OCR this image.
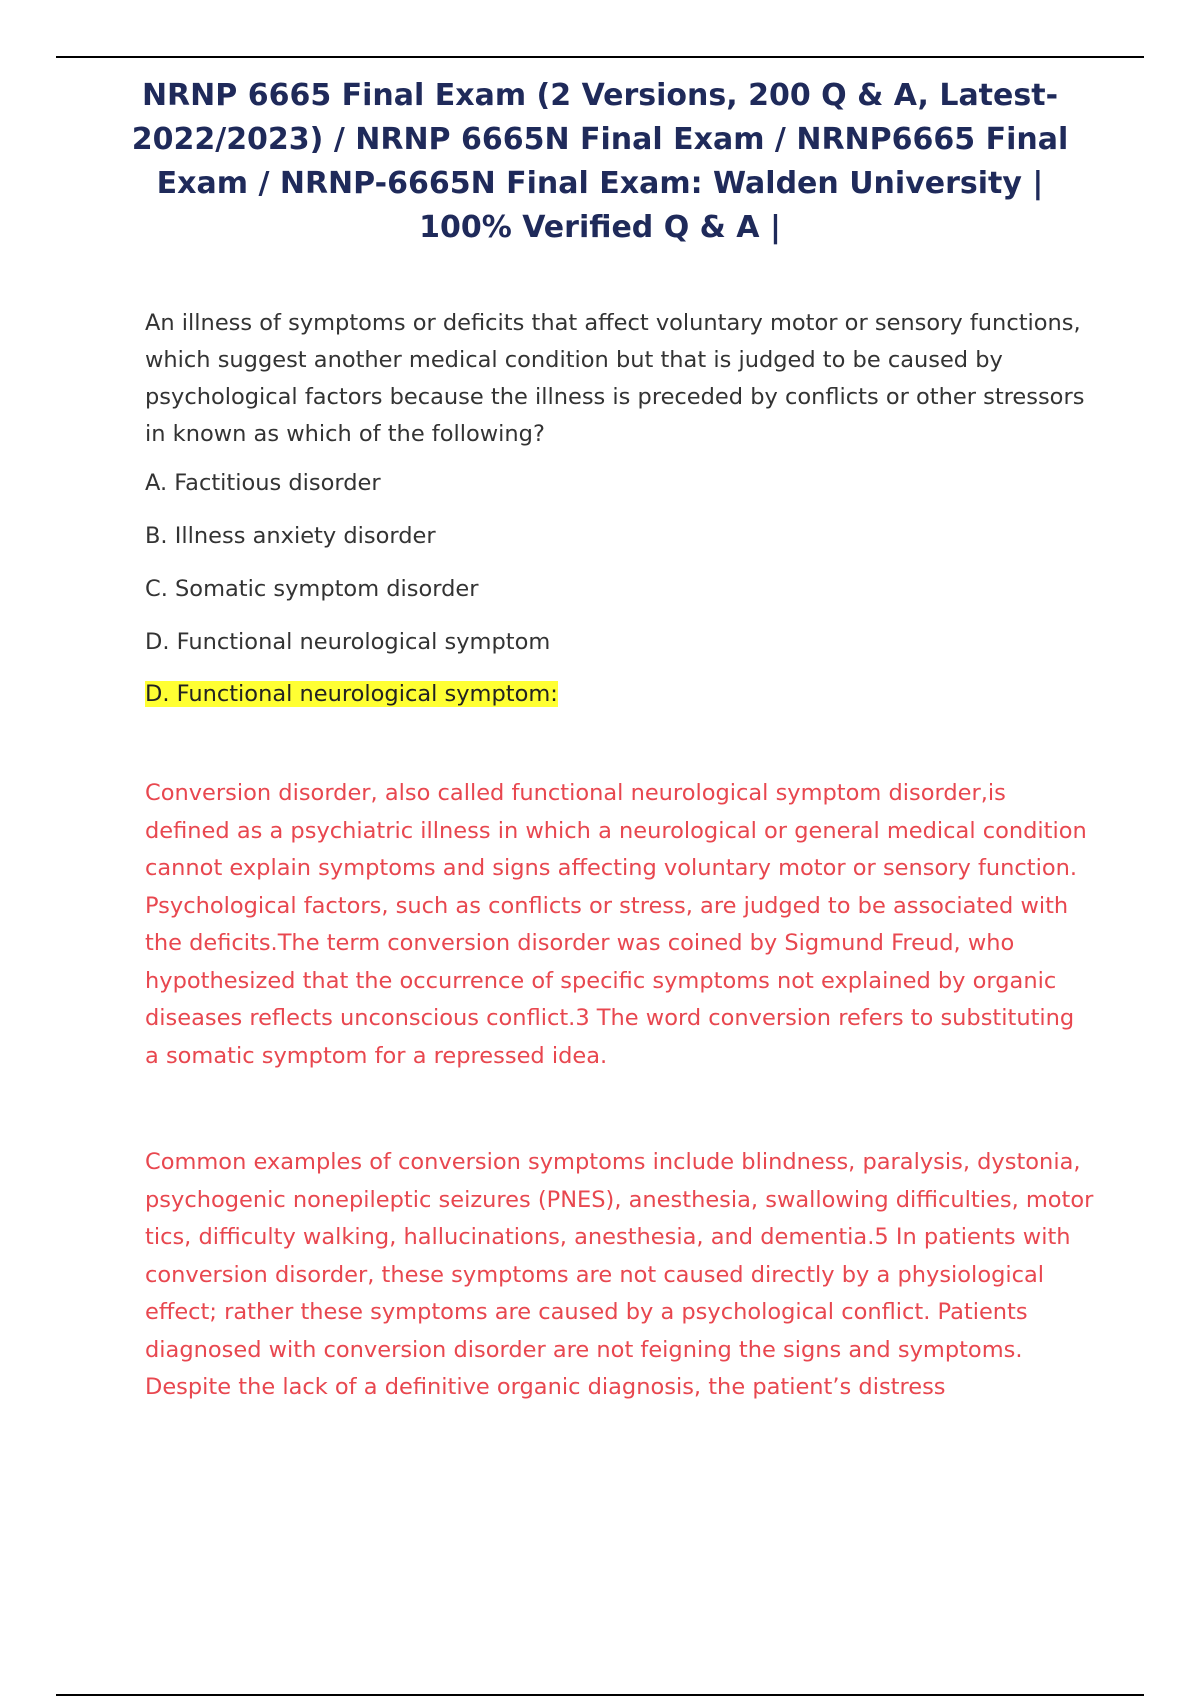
NRNP 6665 Final Exam (2 Versions, 200 Q & A, Latest-2022/2023) / NRNP 6665N Final Exam / NRNP6665 Final Exam / NRNP-6665N Final Exam: Walden University | 100% Verified Q & A |

An illness of symptoms or deficits that affect voluntary motor or sensory functions, which suggest another medical condition but that is judged to be caused by psychological factors because the illness is preceded by conflicts or other stressors in known as which of the following?

A. Factitious disorder
B. Illness anxiety disorder
C. Somatic symptom disorder
D. Functional neurological symptom

D. Functional neurological symptom:

Conversion disorder, also called functional neurological symptom disorder,is defined as a psychiatric illness in which a neurological or general medical condition cannot explain symptoms and signs affecting voluntary motor or sensory function. Psychological factors, such as conflicts or stress, are judged to be associated with the deficits.The term conversion disorder was coined by Sigmund Freud, who hypothesized that the occurrence of specific symptoms not explained by organic diseases reflects unconscious conflict.3 The word conversion refers to substituting a somatic symptom for a repressed idea.

Common examples of conversion symptoms include blindness, paralysis, dystonia, psychogenic nonepileptic seizures (PNES), anesthesia, swallowing difficulties, motor tics, difficulty walking, hallucinations, anesthesia, and dementia.5 In patients with conversion disorder, these symptoms are not caused directly by a physiological effect; rather these symptoms are caused by a psychological conflict. Patients diagnosed with conversion disorder are not feigning the signs and symptoms. Despite the lack of a definitive organic diagnosis, the patient’s distress
